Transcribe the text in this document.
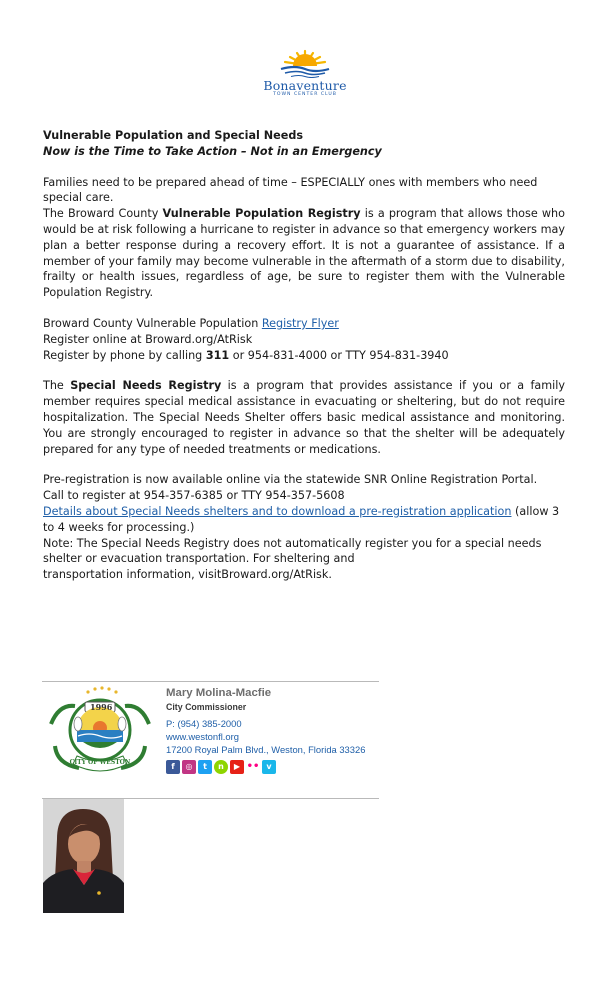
Bonaventure
TOWN CENTER CLUB
Vulnerable Population and Special Needs
Now is the Time to Take Action – Not in an Emergency
Families need to be prepared ahead of time – ESPECIALLY ones with members who need special care.
The Broward County Vulnerable Population Registry is a program that allows those who would be at risk following a hurricane to register in advance so that emergency workers may plan a better response during a recovery effort. It is not a guarantee of assistance. If a member of your family may become vulnerable in the aftermath of a storm due to disability, frailty or health issues, regardless of age, be sure to register them with the Vulnerable Population Registry.
Broward County Vulnerable Population Registry Flyer
Register online at Broward.org/AtRisk
Register by phone by calling 311 or 954-831-4000 or TTY 954-831-3940
The Special Needs Registry is a program that provides assistance if you or a family member requires special medical assistance in evacuating or sheltering, but do not require hospitalization. The Special Needs Shelter offers basic medical assistance and monitoring. You are strongly encouraged to register in advance so that the shelter will be adequately prepared for any type of needed treatments or medications.
Pre-registration is now available online via the statewide SNR Online Registration Portal.
Call to register at 954-357-6385 or TTY 954-357-5608
Details about Special Needs shelters and to download a pre-registration application (allow 3 to 4 weeks for processing.)
Note: The Special Needs Registry does not automatically register you for a special needs shelter or evacuation transportation. For sheltering and
transportation information, visitBroward.org/AtRisk.
1996
CITY OF WESTON
Mary Molina-Macfie
City Commissioner
P: (954) 385-2000
www.westonfl.org
17200 Royal Palm Blvd., Weston, Florida 33326
f	◎	t	n	▶ •• v
